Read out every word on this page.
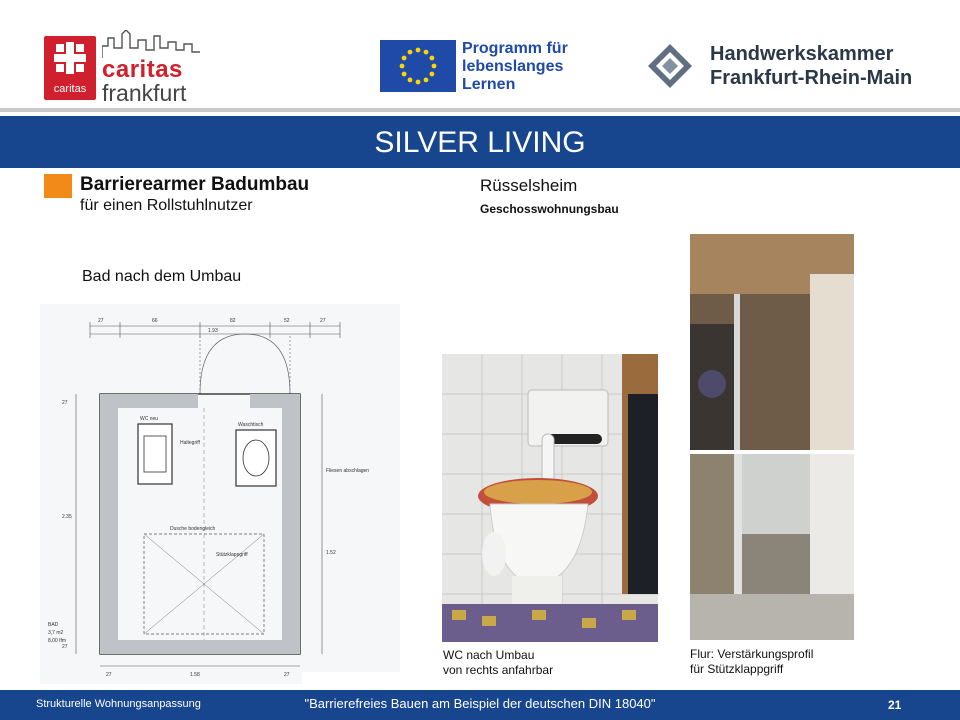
caritas
caritas
frankfurt
Programm für
lebenslanges
Lernen
Handwerkskammer
Frankfurt-Rhein-Main
SILVER LIVING
Barrierearmer Badumbau
für einen Rollstuhlnutzer
Rüsselsheim
Geschosswohnungsbau
Bad nach dem Umbau
27	66	82	52	27
1.93
27
2.35
1.52
27
27	1.58	27
WC neu
Waschtisch
Haltegriff
Dusche bodengleich
Stützklappgriff
Fliesen abschlagen
BAD
3,7 m2
8,00 Ifm
WC nach Umbau
von rechts anfahrbar
Flur: Verstärkungsprofil
für Stützklappgriff
Strukturelle Wohnungsanpassung	"Barrierefreies Bauen am Beispiel der deutschen DIN 18040"	21
